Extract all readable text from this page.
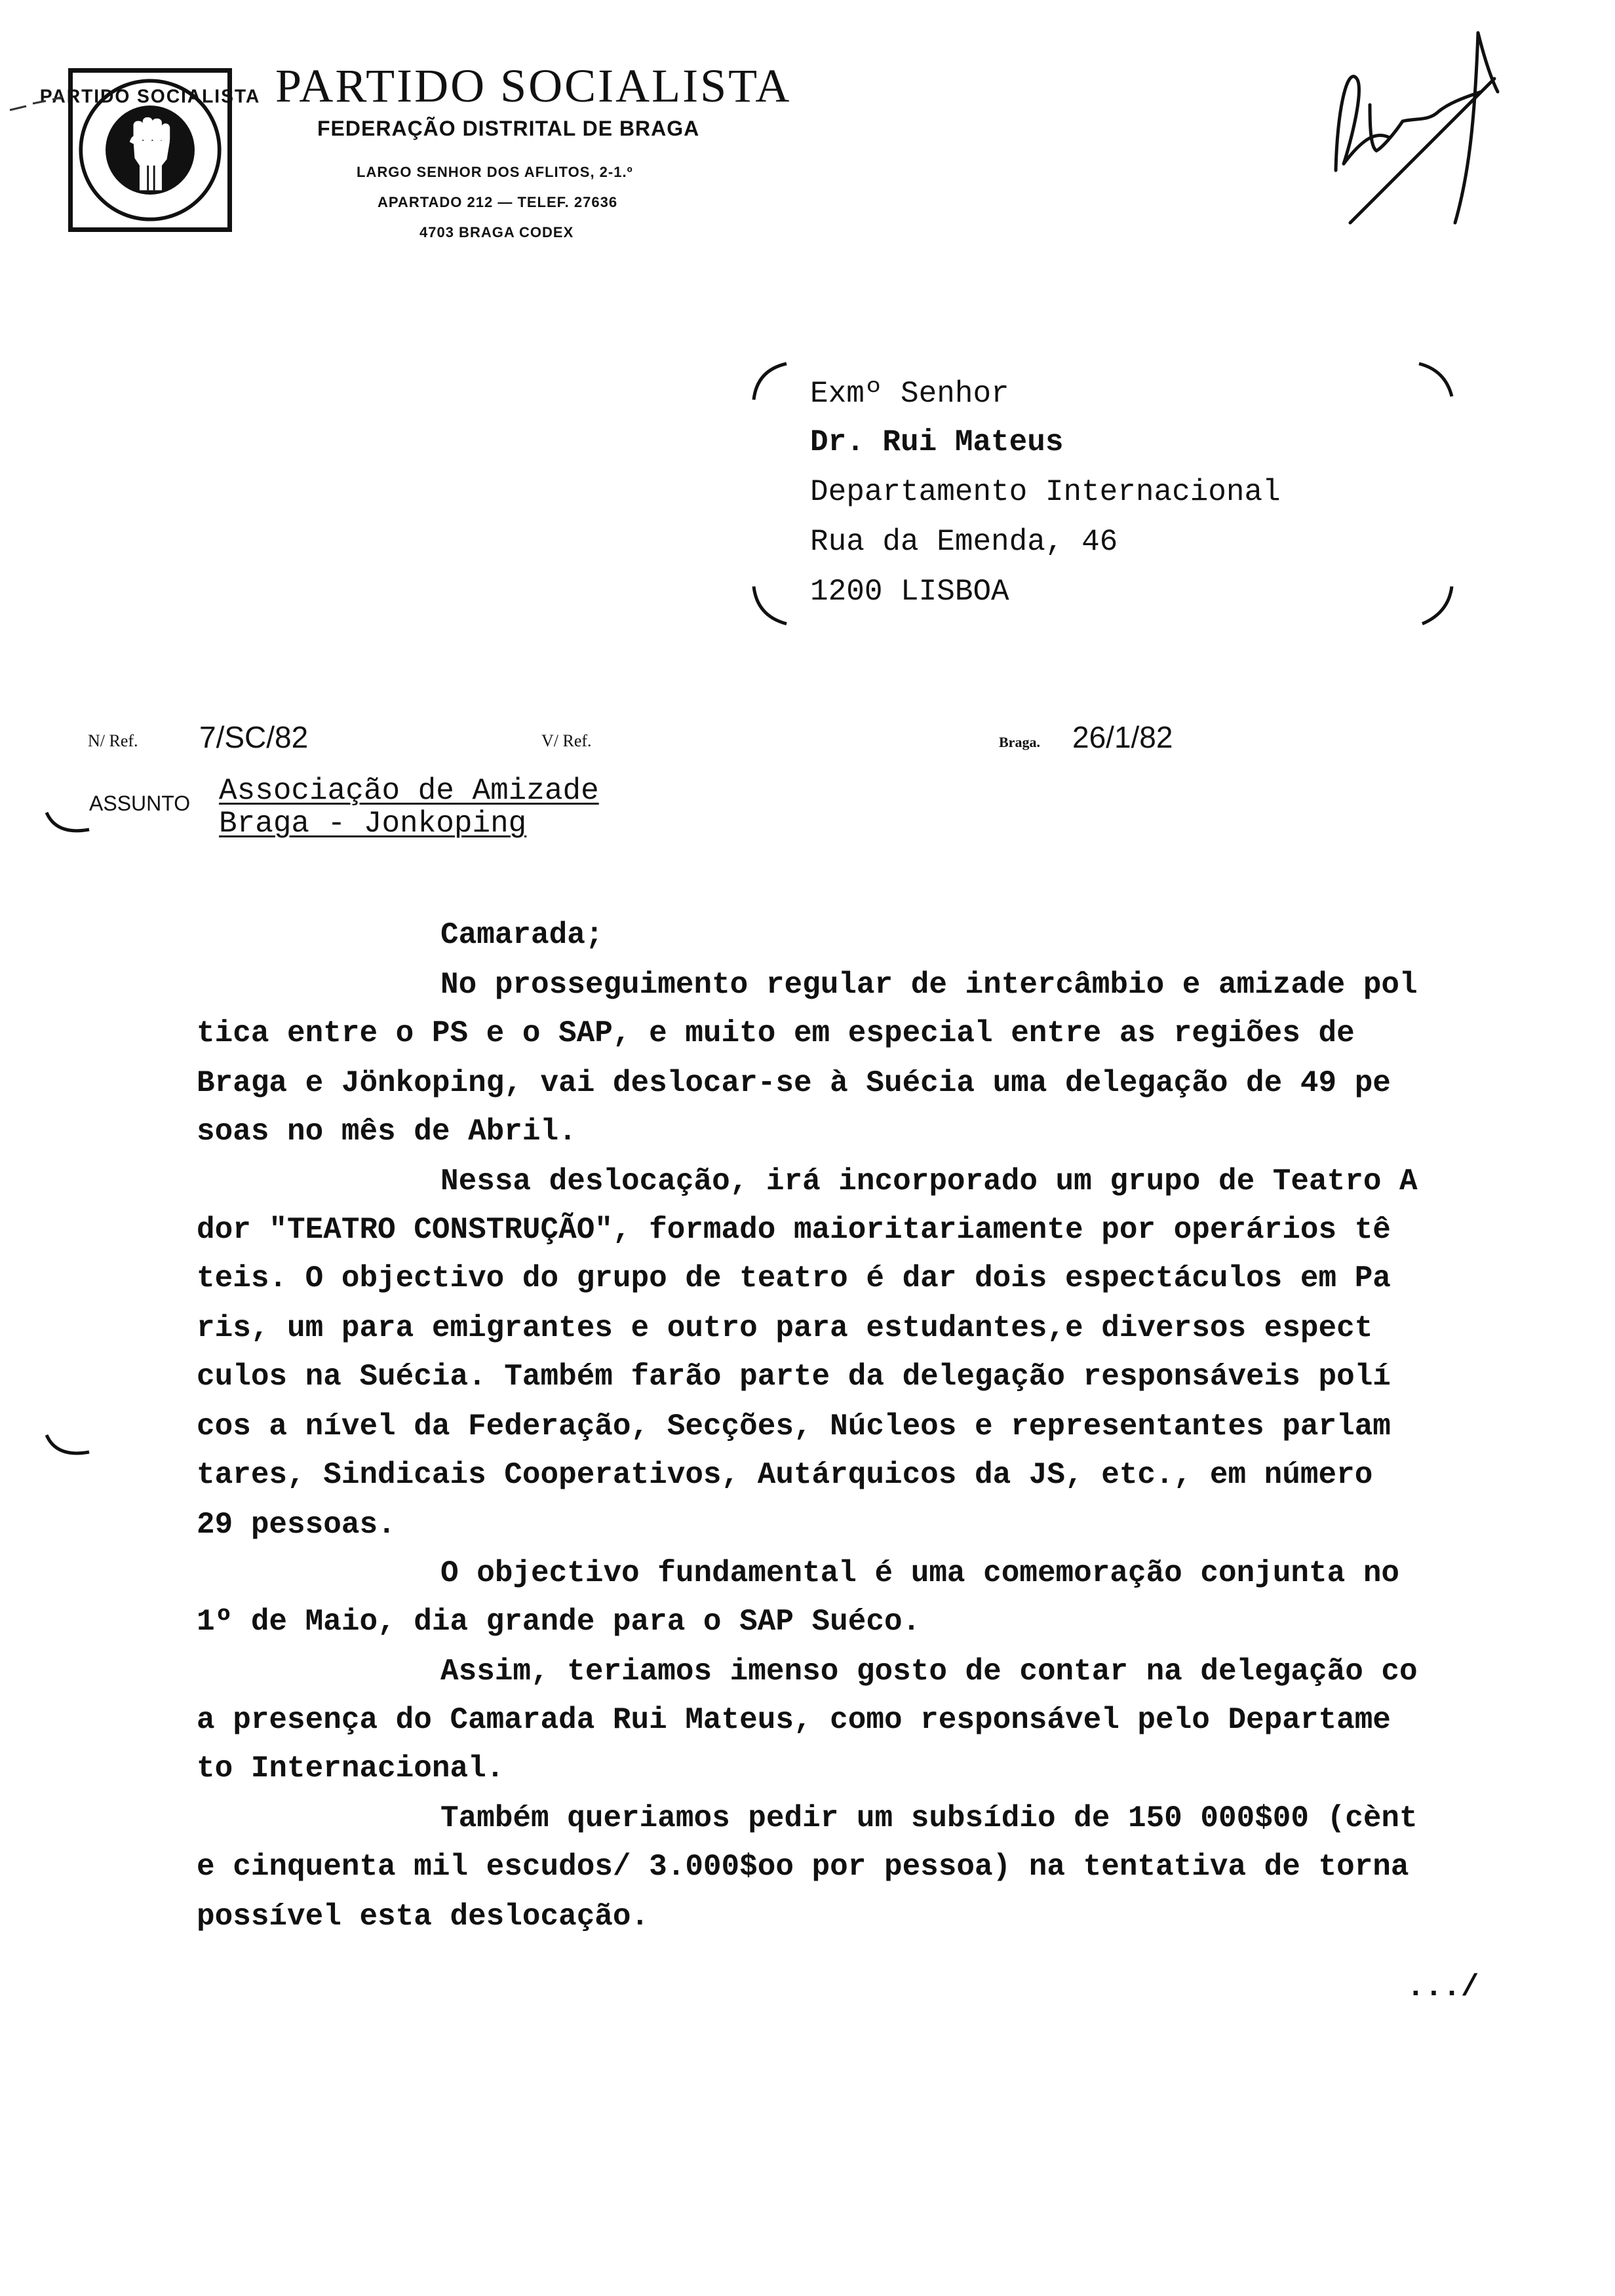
PARTIDO SOCIALISTA PARTIDO SOCIALISTA
FEDERAÇÃO DISTRITAL DE BRAGA
LARGO SENHOR DOS AFLITOS, 2-1.º
APARTADO 212 — TELEF. 27636
4703 BRAGA CODEX
Exmº Senhor
Dr. Rui Mateus
Departamento Internacional
Rua da Emenda, 46
1200 LISBOA
N/ Ref. 7/SC/82	V/ Ref.	Braga. 26/1/82
ASSUNTO Associação de Amizade
Braga - Jonkoping
Camarada;
No prosseguimento regular de intercâmbio e amizade pol
tica entre o PS e o SAP, e muito em especial entre as regiões de
Braga e Jönkoping, vai deslocar-se à Suécia uma delegação de 49 pe
soas no mês de Abril.
Nessa deslocação, irá incorporado um grupo de Teatro A
dor "TEATRO CONSTRUÇÃO", formado maioritariamente por operários tê
teis. O objectivo do grupo de teatro é dar dois espectáculos em Pa
ris, um para emigrantes e outro para estudantes,e diversos espect
culos na Suécia. Também farão parte da delegação responsáveis polí
cos a nível da Federação, Secções, Núcleos e representantes parlam
tares, Sindicais Cooperativos, Autárquicos da JS, etc., em número
29 pessoas.
O objectivo fundamental é uma comemoração conjunta no
1º de Maio, dia grande para o SAP Suéco.
Assim, teriamos imenso gosto de contar na delegação co
a presença do Camarada Rui Mateus, como responsável pelo Departame
to Internacional.
Também queriamos pedir um subsídio de 150 000$00 (cènt
e cinquenta mil escudos/ 3.000$oo por pessoa) na tentativa de torna
possível esta deslocação.
.../
